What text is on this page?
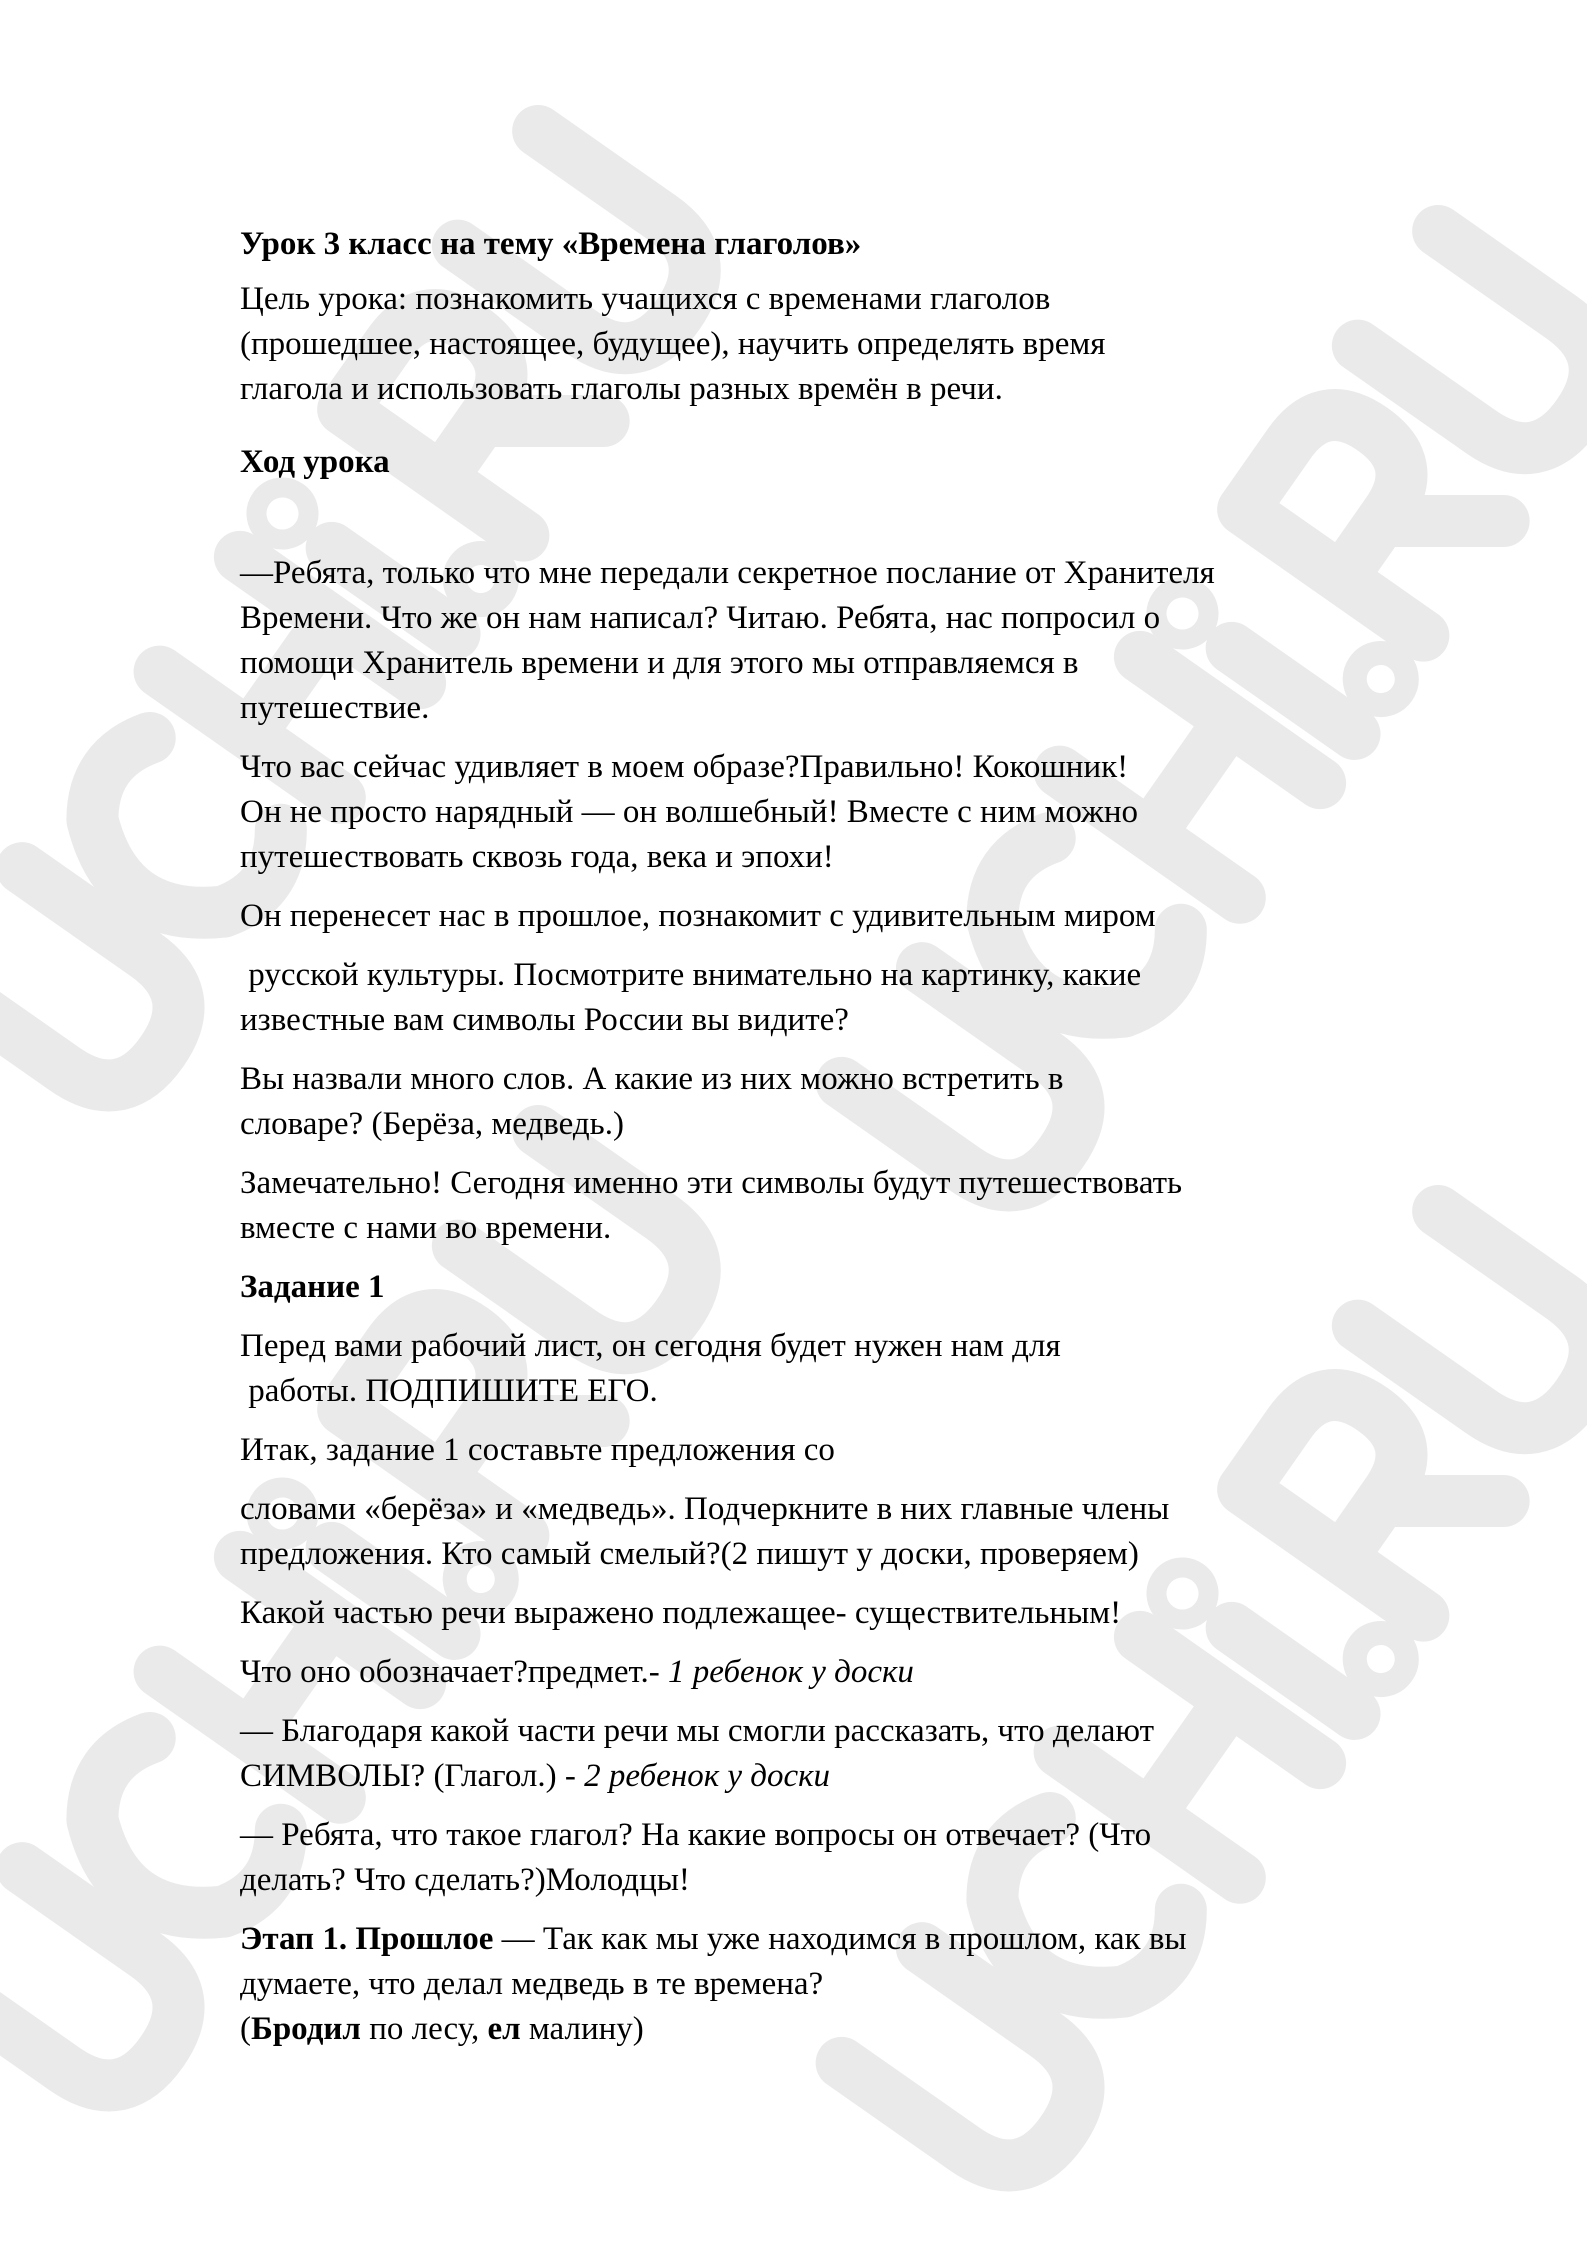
Урок 3 класс на тему «Времена глаголов»

Цель урока: познакомить учащихся с временами глаголов
(прошедшее, настоящее, будущее), научить определять время
глагола и использовать глаголы разных времён в речи.

Ход урока

—Ребята, только что мне передали секретное послание от Хранителя
Времени. Что же он нам написал? Читаю. Ребята, нас попросил о
помощи Хранитель времени и для этого мы отправляемся в
путешествие.

Что вас сейчас удивляет в моем образе?Правильно! Кокошник!
Он не просто нарядный — он волшебный! Вместе с ним можно
путешествовать сквозь года, века и эпохи!

Он перенесет нас в прошлое, познакомит с удивительным миром

русской культуры. Посмотрите внимательно на картинку, какие
известные вам символы России вы видите?

Вы назвали много слов. А какие из них можно встретить в
словаре? (Берёза, медведь.)

Замечательно! Сегодня именно эти символы будут путешествовать
вместе с нами во времени.

Задание 1

Перед вами рабочий лист, он сегодня будет нужен нам для
работы. ПОДПИШИТЕ ЕГО.

Итак, задание 1 составьте предложения со

словами «берёза» и «медведь». Подчеркните в них главные члены
предложения. Кто самый смелый?(2 пишут у доски, проверяем)

Какой частью речи выражено подлежащее- существительным!

Что оно обозначает?предмет.- 1 ребенок у доски

— Благодаря какой части речи мы смогли рассказать, что делают
СИМВОЛЫ? (Глагол.) - 2 ребенок у доски

— Ребята, что такое глагол? На какие вопросы он отвечает? (Что
делать? Что сделать?)Молодцы!

Этап 1. Прошлое — Так как мы уже находимся в прошлом, как вы
думаете, что делал медведь в те времена?
(Бродил по лесу, ел малину)
